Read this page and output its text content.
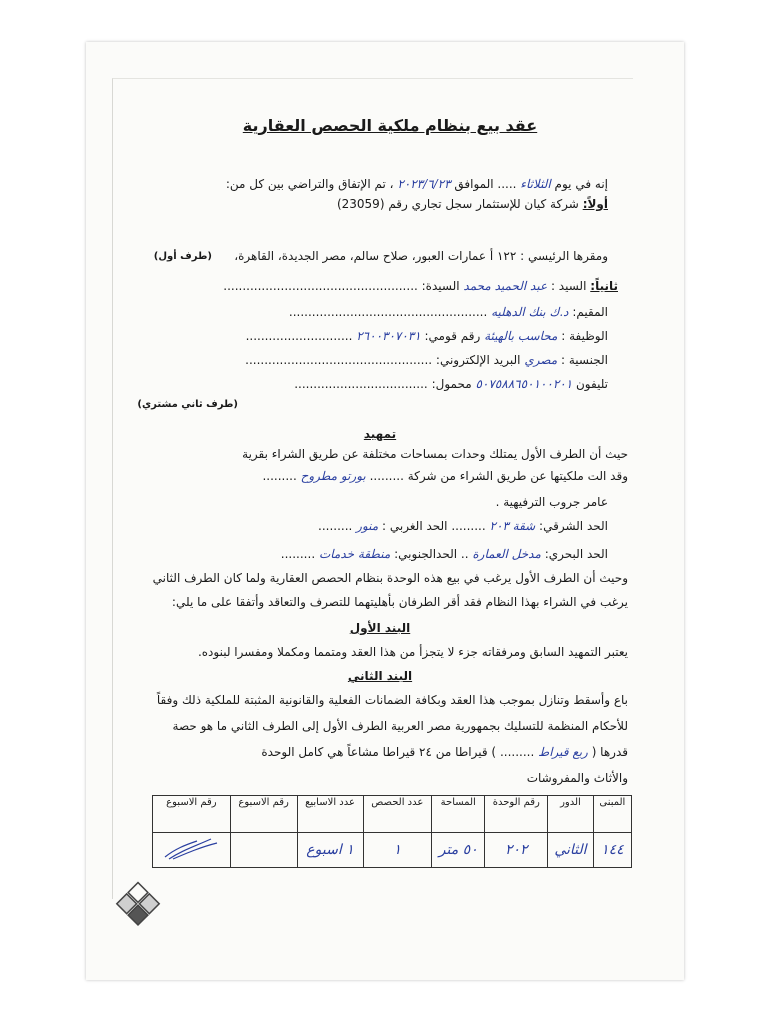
عقد بيع بنظام ملكية الحصص العقارية
إنه في يوم الثلاثاء ..... الموافق ٢٠٢٣/٦/٢٣ ، تم الإتفاق والتراضي بين كل من:
أولاً: شركة كيان للإستثمار سجل تجاري رقم (23059)
ومقرها الرئيسي : ١٢٢ أ عمارات العبور، صلاح سالم، مصر الجديدة، القاهرة،
(طرف أول)
ثانياً: السيد : عبد الحميد محمد السيدة: ...................................................
المقيم: د.ك بنك الدهليه ....................................................
الوظيفة : محاسب بالهيئة رقم قومي: ٢٦٠٠٣٠٧٠٣١ ............................
الجنسية : مصري البريد الإلكتروني: .................................................
تليفون ٥٠٧٥٨٨٦٥٠١٠٠٢٠١ محمول: ...................................
(طرف ثاني مشتري)
تمهيد
حيث أن الطرف الأول يمتلك وحدات بمساحات مختلفة عن طريق الشراء بقرية
وقد الت ملكيتها عن طريق الشراء من شركة ......... بورتو مطروح .........
عامر جروب الترفيهية .
الحد الشرقي: شقة ٢٠٣ ......... الحد الغربي : منور .........
الحد البحري: مدخل العمارة .. الحدالجنوبي: منطقة خدمات .........
وحيث أن الطرف الأول يرغب في بيع هذه الوحدة بنظام الحصص العقارية ولما كان الطرف الثاني
يرغب في الشراء بهذا النظام فقد أقر الطرفان بأهليتهما للتصرف والتعاقد وأتفقا على ما يلي:
البند الأول
يعتبر التمهيد السابق ومرفقاته جزء لا يتجزأ من هذا العقد ومتمما ومكملا ومفسرا لبنوده.
البند الثاني
باع وأسقط وتنازل بموجب هذا العقد وبكافة الضمانات الفعلية والقانونية المثبتة للملكية ذلك وفقاً
للأحكام المنظمة للتسليك بجمهورية مصر العربية الطرف الأول إلى الطرف الثاني ما هو حصة
قدرها ( ربع قيراط ......... ) قيراطا من ٢٤ قيراطا مشاعاً هي كامل الوحدة
والأثاث والمفروشات
المبنى	الدور	رقم الوحدة	المساحة	عدد الحصص	عدد الاسابيع	رقم الاسبوع	رقم الاسبوع
١٤٤	الثاني	٢٠٢	٥٠ متر	١	١ اسبوع		
